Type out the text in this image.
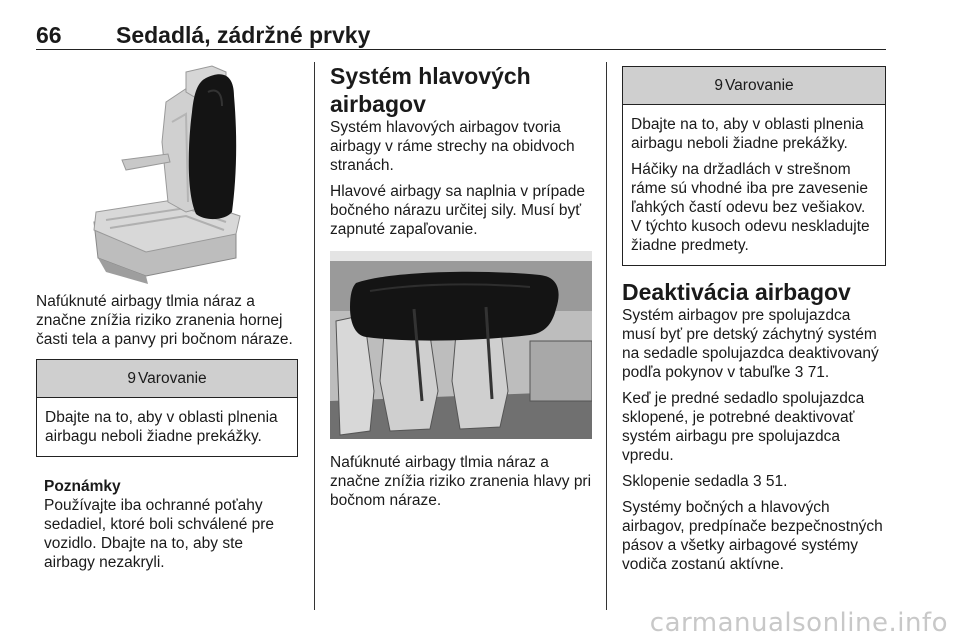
66 Sedadlá, zádržné prvky

Nafúknuté airbagy tlmia náraz a značne znížia riziko zranenia hornej časti tela a panvy pri bočnom náraze.

9 Varovanie

Dbajte na to, aby v oblasti plnenia airbagu neboli žiadne prekážky.

Poznámky

Používajte iba ochranné poťahy sedadiel, ktoré boli schválené pre vozidlo. Dbajte na to, aby ste airbagy nezakryli.

Systém hlavových airbagov

Systém hlavových airbagov tvoria airbagy v ráme strechy na obidvoch stranách.

Hlavové airbagy sa naplnia v prípade bočného nárazu určitej sily. Musí byť zapnuté zapaľovanie.

Nafúknuté airbagy tlmia náraz a značne znížia riziko zranenia hlavy pri bočnom náraze.

9 Varovanie

Dbajte na to, aby v oblasti plnenia airbagu neboli žiadne prekážky.

Háčiky na držadlách v strešnom ráme sú vhodné iba pre zavesenie ľahkých častí odevu bez vešiakov. V týchto kusoch odevu neskladujte žiadne predmety.

Deaktivácia airbagov

Systém airbagov pre spolujazdca musí byť pre detský záchytný systém na sedadle spolujazdca deaktivovaný podľa pokynov v tabuľke 3 71.

Keď je predné sedadlo spolujazdca sklopené, je potrebné deaktivovať systém airbagu pre spolujazdca vpredu.

Sklopenie sedadla 3 51.

Systémy bočných a hlavových airbagov, predpínače bezpečnostných pásov a všetky airbagové systémy vodiča zostanú aktívne.

carmanualsonline.info
